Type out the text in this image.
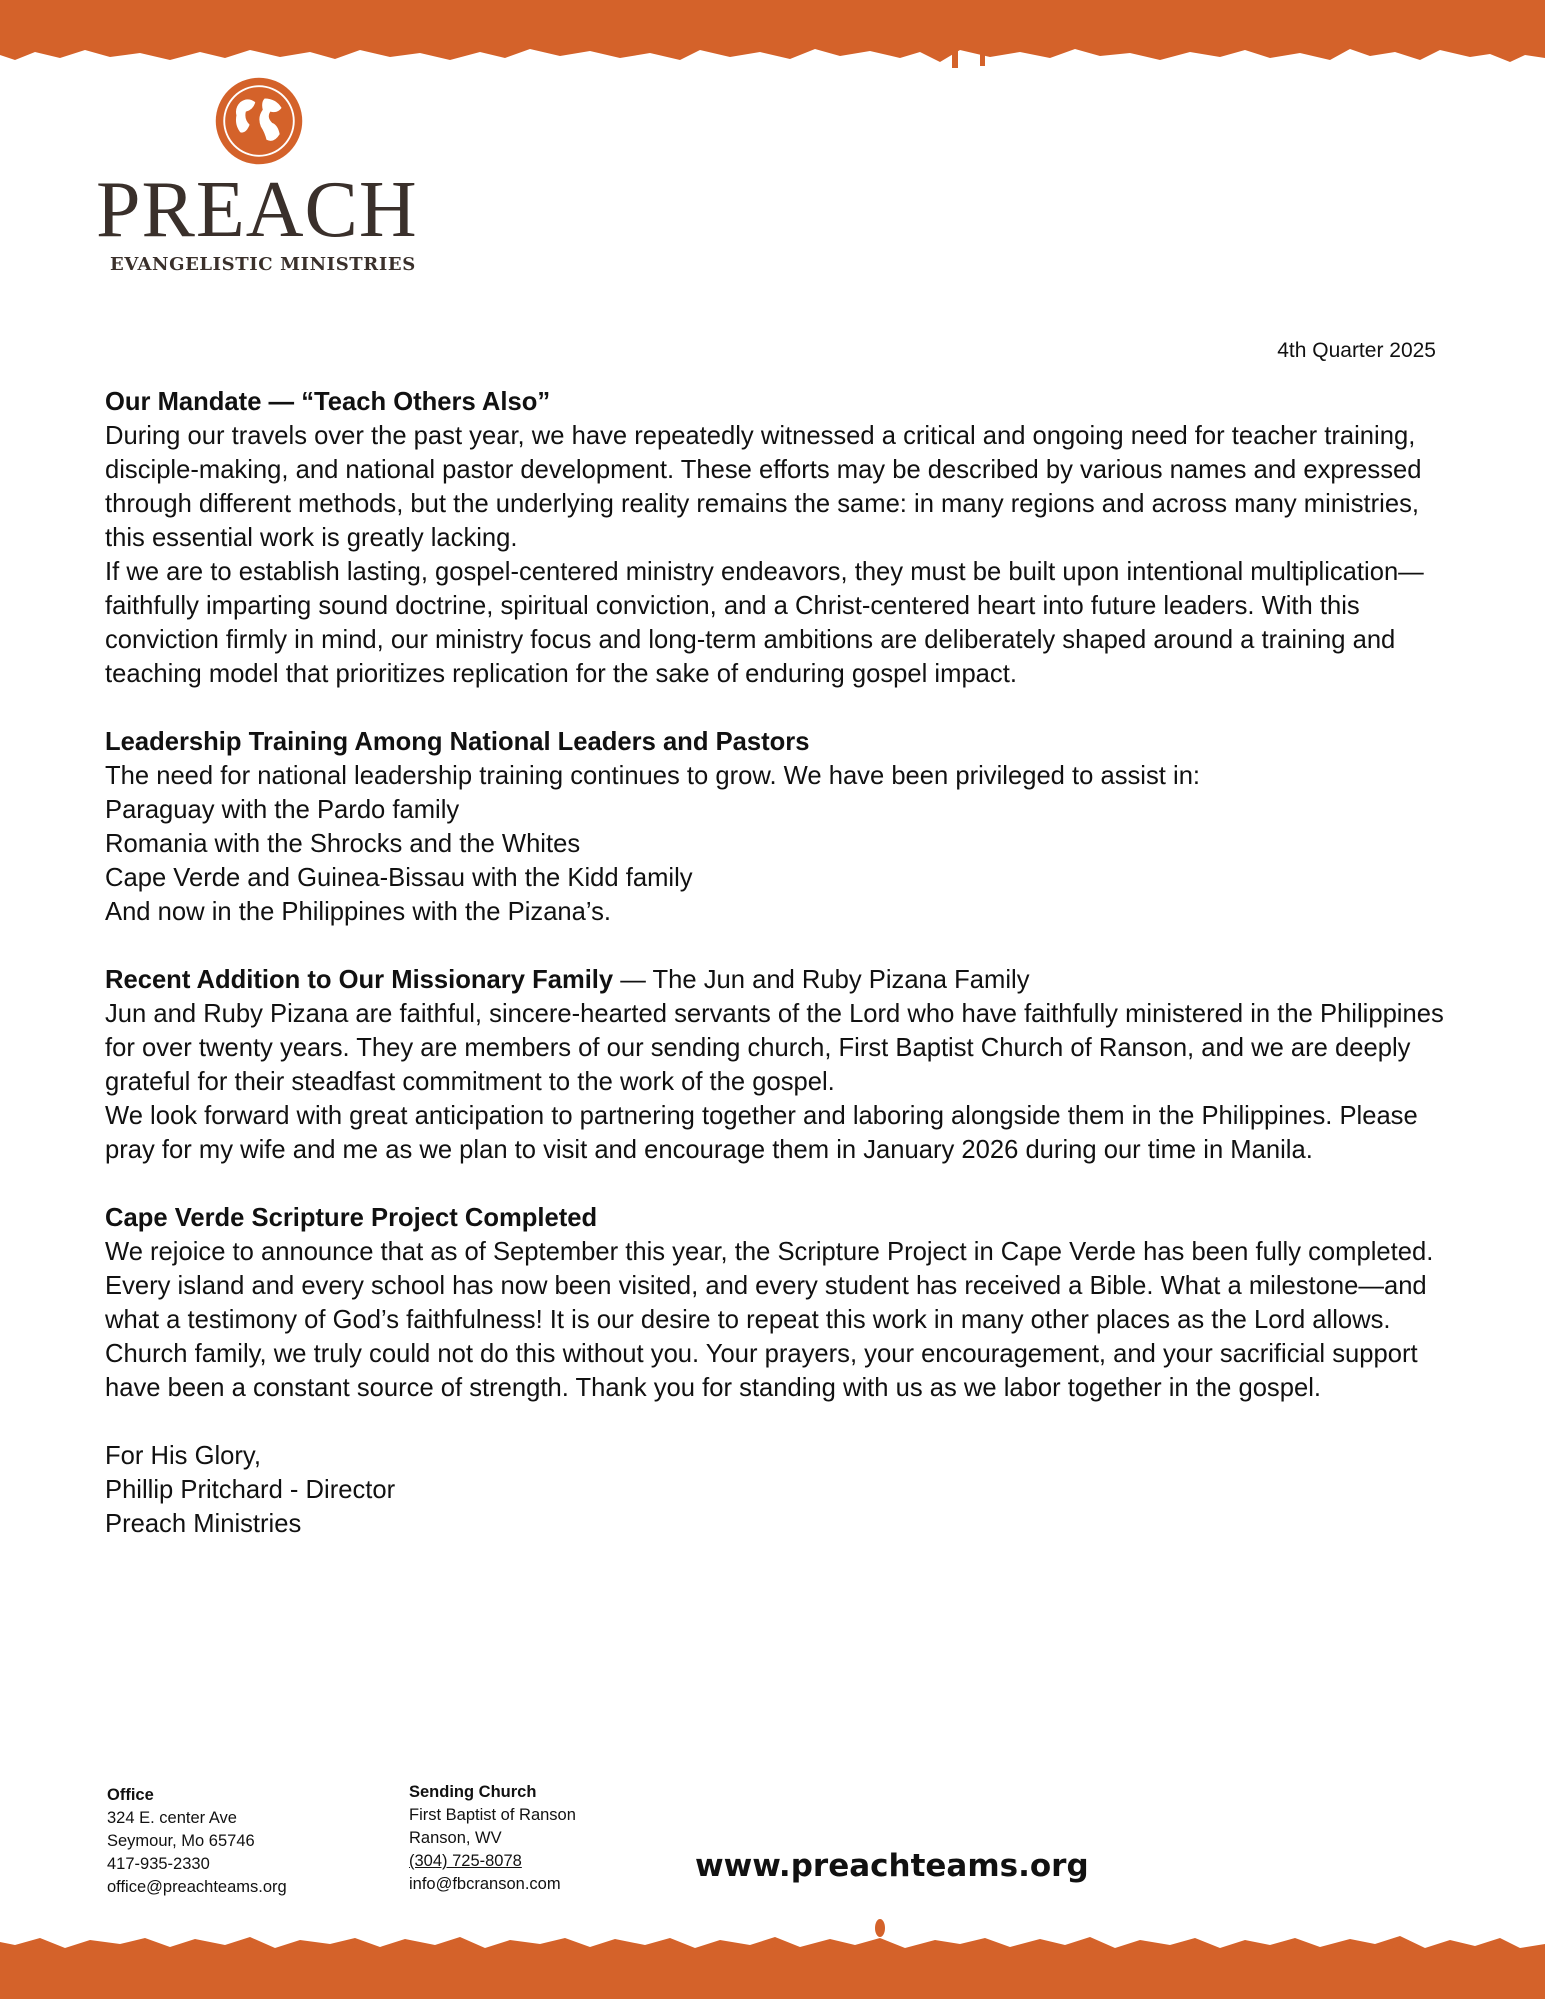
PREACH
EVANGELISTIC MINISTRIES
4th Quarter 2025

Our Mandate — “Teach Others Also”

During our travels over the past year, we have repeatedly witnessed a critical and ongoing need for teacher training, disciple-making, and national pastor development. These efforts may be described by various names and expressed through different methods, but the underlying reality remains the same: in many regions and across many ministries, this essential work is greatly lacking.

If we are to establish lasting, gospel-centered ministry endeavors, they must be built upon intentional multiplication—faithfully imparting sound doctrine, spiritual conviction, and a Christ-centered heart into future leaders. With this conviction firmly in mind, our ministry focus and long-term ambitions are deliberately shaped around a training and teaching model that prioritizes replication for the sake of enduring gospel impact.

Leadership Training Among National Leaders and Pastors

The need for national leadership training continues to grow. We have been privileged to assist in:

Paraguay with the Pardo family

Romania with the Shrocks and the Whites

Cape Verde and Guinea-Bissau with the Kidd family

And now in the Philippines with the Pizana’s.

Recent Addition to Our Missionary Family — The Jun and Ruby Pizana Family

Jun and Ruby Pizana are faithful, sincere-hearted servants of the Lord who have faithfully ministered in the Philippines for over twenty years. They are members of our sending church, First Baptist Church of Ranson, and we are deeply grateful for their steadfast commitment to the work of the gospel.

We look forward with great anticipation to partnering together and laboring alongside them in the Philippines. Please pray for my wife and me as we plan to visit and encourage them in January 2026 during our time in Manila.

Cape Verde Scripture Project Completed

We rejoice to announce that as of September this year, the Scripture Project in Cape Verde has been fully completed. Every island and every school has now been visited, and every student has received a Bible. What a milestone—and what a testimony of God’s faithfulness! It is our desire to repeat this work in many other places as the Lord allows.

Church family, we truly could not do this without you. Your prayers, your encouragement, and your sacrificial support have been a constant source of strength. Thank you for standing with us as we labor together in the gospel.

For His Glory,

Phillip Pritchard - Director

Preach Ministries

Office
324 E. center Ave
Seymour, Mo 65746
417-935-2330
office@preachteams.org
Sending Church
First Baptist of Ranson
Ranson, WV
(304) 725-8078
info@fbcranson.com	www.preachteams.org
